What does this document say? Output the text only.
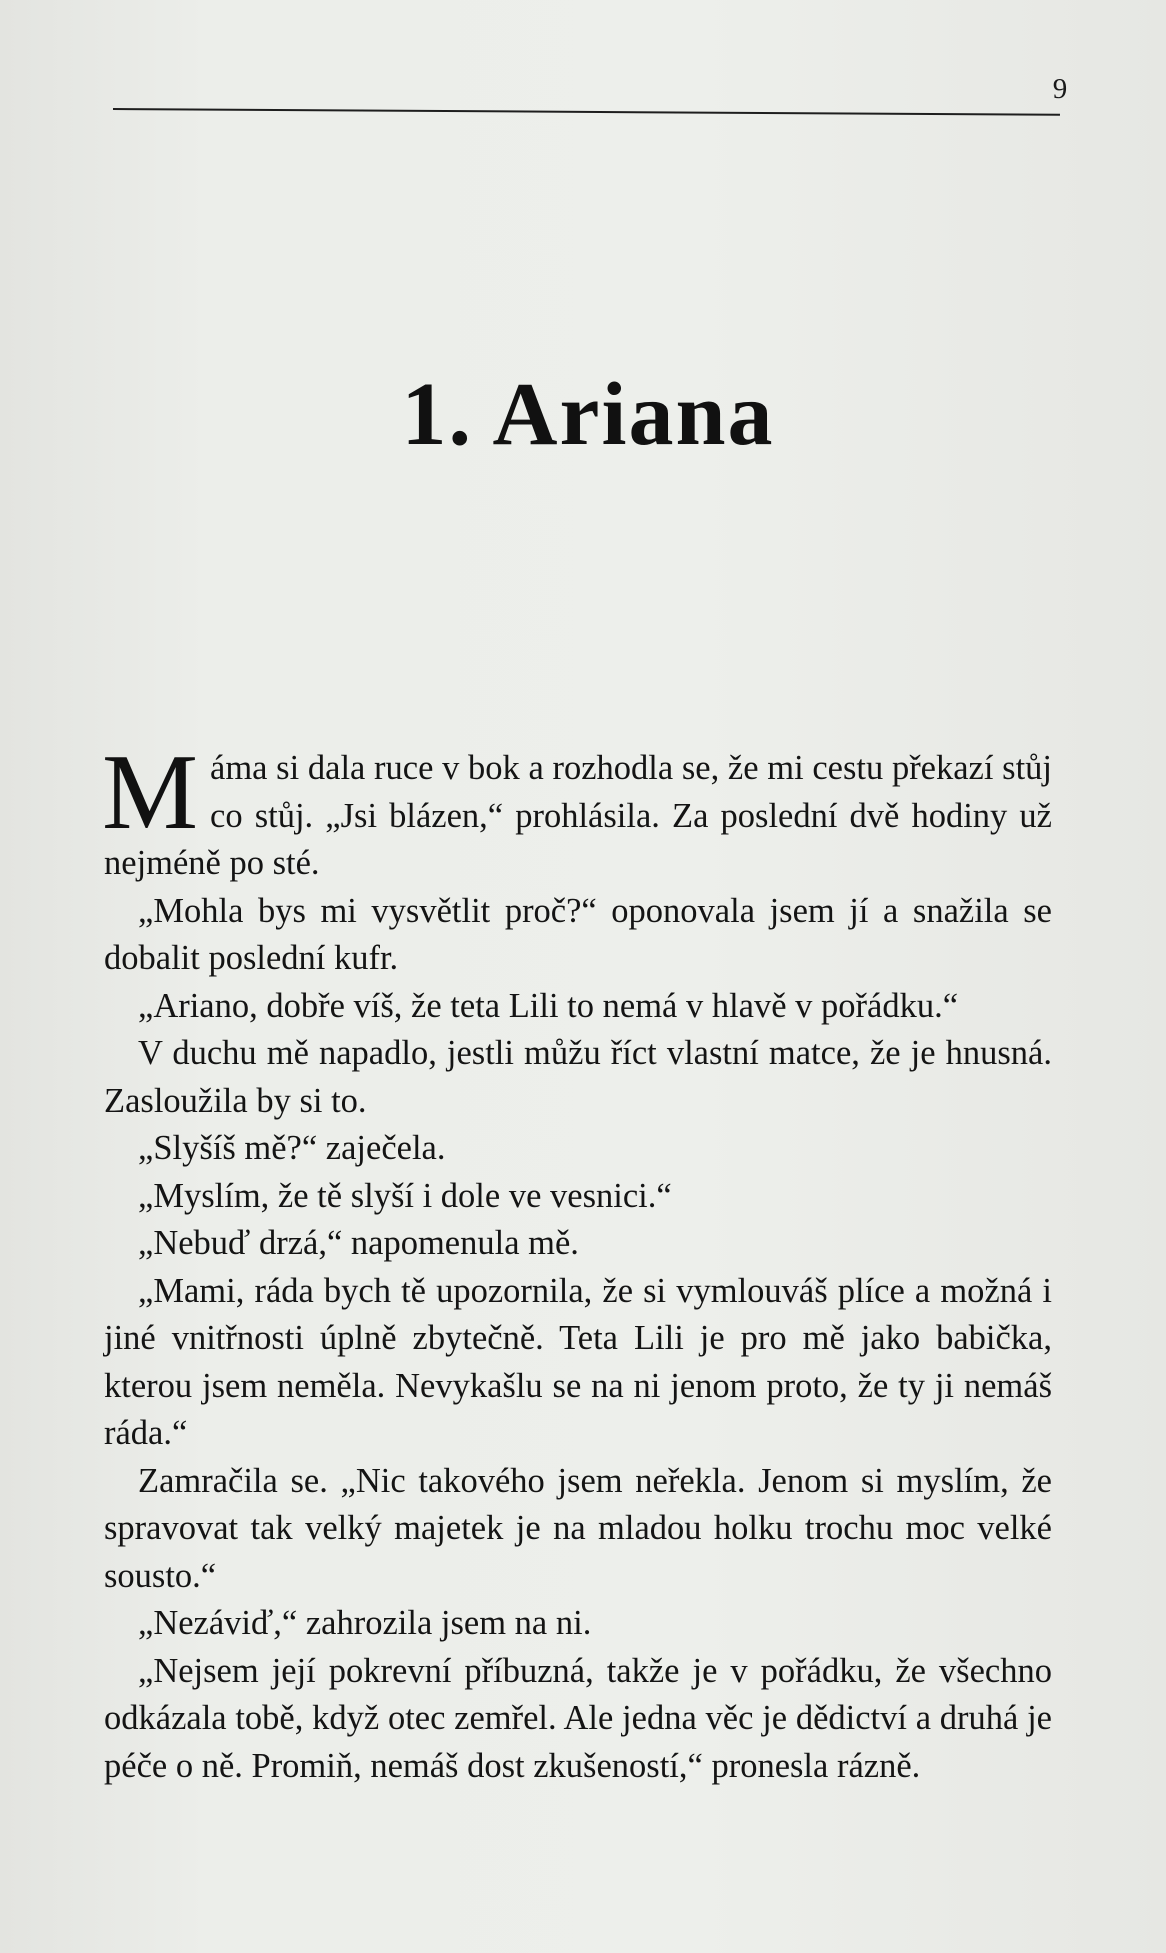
9
1. Ariana

Máma si dala ruce v bok a rozhodla se, že mi cestu překazí stůj co stůj. „Jsi blázen,“ prohlásila. Za poslední dvě hodiny už nejméně po sté.

„Mohla bys mi vysvětlit proč?“ oponovala jsem jí a snažila se dobalit poslední kufr.

„Ariano, dobře víš, že teta Lili to nemá v hlavě v pořádku.“

V duchu mě napadlo, jestli můžu říct vlastní matce, že je hnusná. Zasloužila by si to.

„Slyšíš mě?“ zaječela.

„Myslím, že tě slyší i dole ve vesnici.“

„Nebuď drzá,“ napomenula mě.

„Mami, ráda bych tě upozornila, že si vymlouváš plíce a možná i jiné vnitřnosti úplně zbytečně. Teta Lili je pro mě jako babička, kterou jsem neměla. Nevykašlu se na ni jenom proto, že ty ji nemáš ráda.“

Zamračila se. „Nic takového jsem neřekla. Jenom si myslím, že spravovat tak velký majetek je na mladou holku trochu moc velké sousto.“

„Nezáviď,“ zahrozila jsem na ni.

„Nejsem její pokrevní příbuzná, takže je v pořádku, že všechno odkázala tobě, když otec zemřel. Ale jedna věc je dědictví a druhá je péče o ně. Promiň, nemáš dost zkušeností,“ pronesla rázně.
